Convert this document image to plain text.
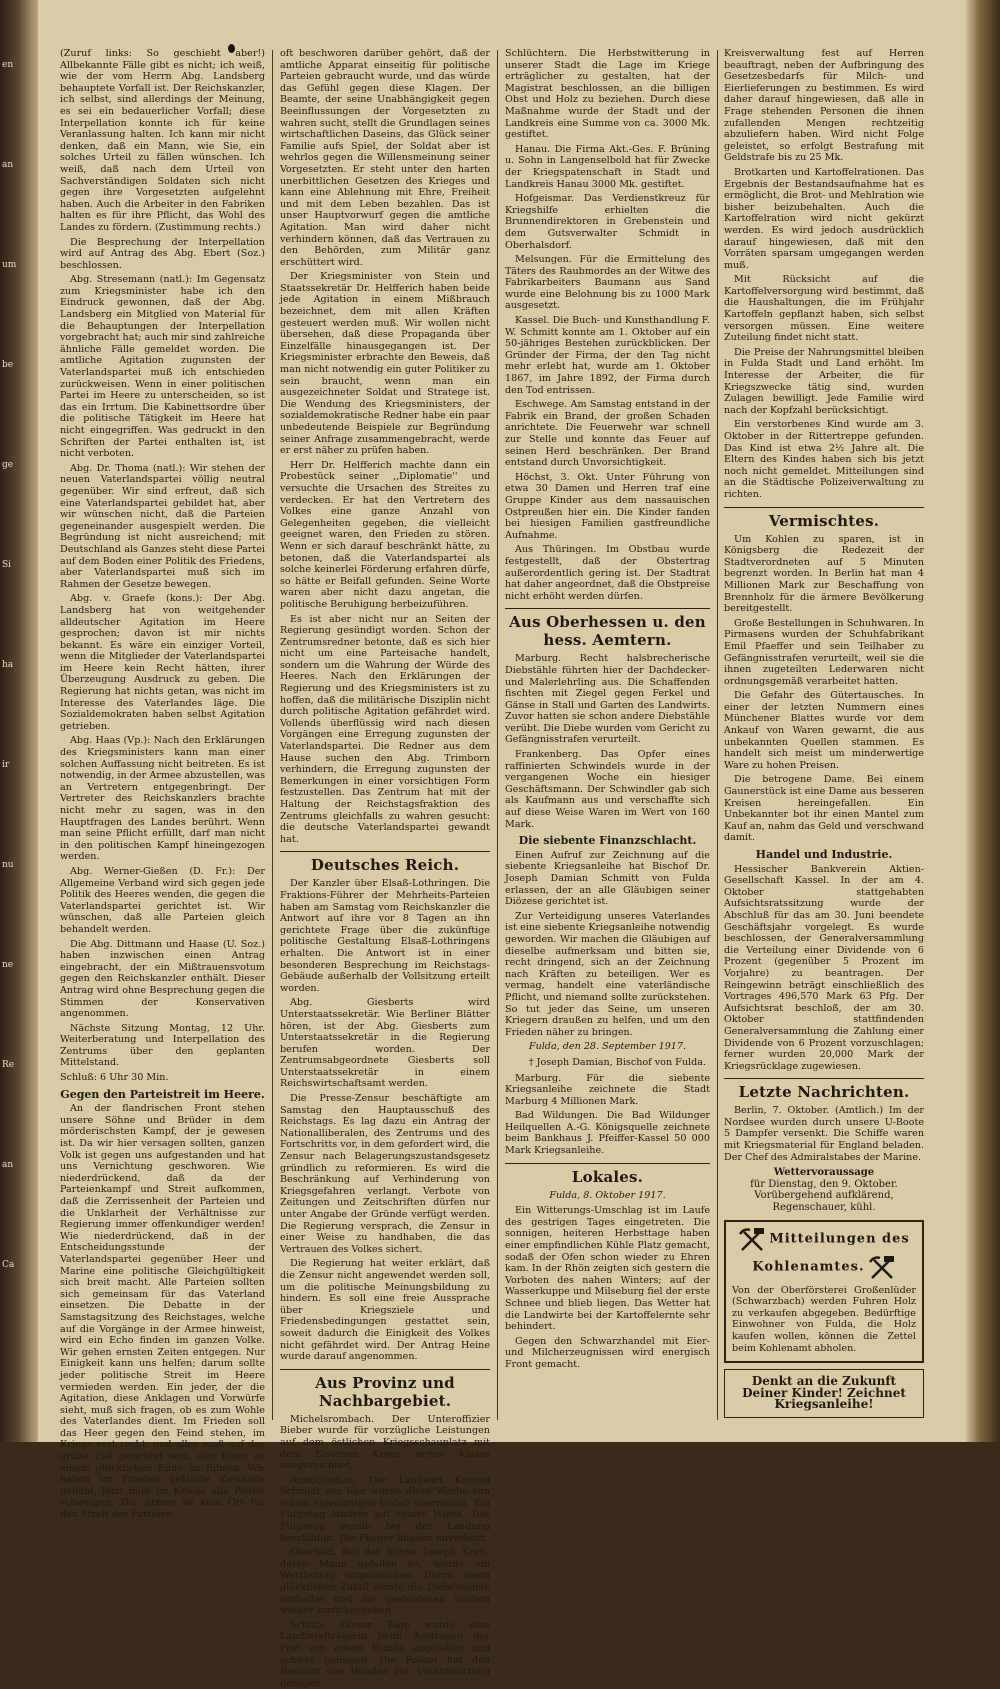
en
an
um
be
ge
Si
ha
ir
nu
ne
Re
an
Ca

(Zuruf links: So geschieht aber!) Allbekannte Fälle gibt es nicht; ich weiß, wie der vom Herrn Abg. Landsberg behauptete Vorfall ist. Der Reichskanzler, ich selbst, sind allerdings der Meinung, es sei ein bedauerlicher Vorfall; diese Interpellation konnte ich für keine Veranlassung halten. Ich kann mir nicht denken, daß ein Mann, wie Sie, ein solches Urteil zu fällen wünschen. Ich weiß, daß nach dem Urteil von Sachverständigen Soldaten sich nicht gegen ihre Vorgesetzten aufgelehnt haben. Auch die Arbeiter in den Fabriken halten es für ihre Pflicht, das Wohl des Landes zu fördern. (Zustimmung rechts.)

Die Besprechung der Interpellation wird auf Antrag des Abg. Ebert (Soz.) beschlossen.

Abg. Stresemann (natl.): Im Gegensatz zum Kriegsminister habe ich den Eindruck gewonnen, daß der Abg. Landsberg ein Mitglied von Material für die Behauptungen der Interpellation vorgebracht hat; auch mir sind zahlreiche ähnliche Fälle gemeldet worden. Die amtliche Agitation zugunsten der Vaterlandspartei muß ich entschieden zurückweisen. Wenn in einer politischen Partei im Heere zu unterscheiden, so ist das ein Irrtum. Die Kabinettsordre über die politische Tätigkeit im Heere hat nicht eingegriffen. Was gedruckt in den Schriften der Partei enthalten ist, ist nicht verboten.

Abg. Dr. Thoma (natl.): Wir stehen der neuen Vaterlandspartei völlig neutral gegenüber. Wir sind erfreut, daß sich eine Vaterlandspartei gebildet hat, aber wir wünschen nicht, daß die Parteien gegeneinander ausgespielt werden. Die Begründung ist nicht ausreichend; mit Deutschland als Ganzes steht diese Partei auf dem Boden einer Politik des Friedens, aber Vaterlandspartei muß sich im Rahmen der Gesetze bewegen.

Abg. v. Graefe (kons.): Der Abg. Landsberg hat von weitgehender alldeutscher Agitation im Heere gesprochen; davon ist mir nichts bekannt. Es wäre ein einziger Vorteil, wenn die Mitglieder der Vaterlandspartei im Heere kein Recht hätten, ihrer Überzeugung Ausdruck zu geben. Die Regierung hat nichts getan, was nicht im Interesse des Vaterlandes läge. Die Sozialdemokraten haben selbst Agitation getrieben.

Abg. Haas (Vp.): Nach den Erklärungen des Kriegsministers kann man einer solchen Auffassung nicht beitreten. Es ist notwendig, in der Armee abzustellen, was an Vertretern entgegenbringt. Der Vertreter des Reichskanzlers brachte nicht mehr zu sagen, was in den Hauptfragen des Landes berührt. Wenn man seine Pflicht erfüllt, darf man nicht in den politischen Kampf hineingezogen werden.

Abg. Werner-Gießen (D. Fr.): Der Allgemeine Verband wird sich gegen jede Politik des Heeres wenden, die gegen die Vaterlandspartei gerichtet ist. Wir wünschen, daß alle Parteien gleich behandelt werden.

Die Abg. Dittmann und Haase (U. Soz.) haben inzwischen einen Antrag eingebracht, der ein Mißtrauensvotum gegen den Reichskanzler enthält. Dieser Antrag wird ohne Besprechung gegen die Stimmen der Konservativen angenommen.

Nächste Sitzung Montag, 12 Uhr. Weiterberatung und Interpellation des Zentrums über den geplanten Mittelstand.

Schluß: 6 Uhr 30 Min.

Gegen den Parteistreit im Heere.

An der flandrischen Front stehen unsere Söhne und Brüder in dem mörderischsten Kampf, der je gewesen ist. Da wir hier versagen sollten, ganzen Volk ist gegen uns aufgestanden und hat uns Vernichtung geschworen. Wie niederdrückend, daß da der Parteienkampf und Streit aufkommen, daß die Zerrissenheit der Parteien und die Unklarheit der Verhältnisse zur Regierung immer offenkundiger werden! Wie niederdrückend, daß in der Entscheidungsstunde der Vaterlandspartei gegenüber Heer und Marine eine politische Gleichgültigkeit sich breit macht. Alle Parteien sollten sich gemeinsam für das Vaterland einsetzen. Die Debatte in der Samstagsitzung des Reichstages, welche auf die Vorgänge in der Armee hinweist, wird ein Echo finden im ganzen Volke. Wir gehen ernsten Zeiten entgegen. Nur Einigkeit kann uns helfen; darum sollte jeder politische Streit im Heere vermieden werden. Ein jeder, der die Agitation, diese Anklagen und Vorwürfe sieht, muß sich fragen, ob es zum Wohle des Vaterlandes dient. Im Frieden soll das Heer gegen den Feind stehen, im Kriege erst recht; und alles muß auf das große Ziel gerichtet sein, den Krieg zu einem glücklichen Ende zu führen. Wir haben im Frieden geklärte Zustände gehabt, jetzt muß im Kriege alle Politik schweigen. Die Armee ist kein Ort für den Streit der Parteien.

oft beschworen darüber gehört, daß der amtliche Apparat einseitig für politische Parteien gebraucht wurde, und das würde das Gefühl gegen diese Klagen. Der Beamte, der seine Unabhängigkeit gegen Beeinflussungen der Vorgesetzten zu wahren sucht, stellt die Grundlagen seines wirtschaftlichen Daseins, das Glück seiner Familie aufs Spiel, der Soldat aber ist wehrlos gegen die Willensmeinung seiner Vorgesetzten. Er steht unter den harten unerbittlichen Gesetzen des Krieges und kann eine Ablehnung mit Ehre, Freiheit und mit dem Leben bezahlen. Das ist unser Hauptvorwurf gegen die amtliche Agitation. Man wird daher nicht verhindern können, daß das Vertrauen zu den Behörden, zum Militär ganz erschüttert wird.

Der Kriegsminister von Stein und Staatssekretär Dr. Helfferich haben beide jede Agitation in einem Mißbrauch bezeichnet, dem mit allen Kräften gesteuert werden muß. Wir wollen nicht übersehen, daß diese Propaganda über Einzelfälle hinausgegangen ist. Der Kriegsminister erbrachte den Beweis, daß man nicht notwendig ein guter Politiker zu sein braucht, wenn man ein ausgezeichneter Soldat und Stratege ist. Die Wendung des Kriegsministers, der sozialdemokratische Redner habe ein paar unbedeutende Beispiele zur Begründung seiner Anfrage zusammengebracht, werde er erst näher zu prüfen haben.

Herr Dr. Helfferich machte dann ein Probestück seiner ,,Diplomatie'' und versuchte die Ursachen des Streites zu verdecken. Er hat den Vertretern des Volkes eine ganze Anzahl von Gelegenheiten gegeben, die vielleicht geeignet waren, den Frieden zu stören. Wenn er sich darauf beschränkt hätte, zu betonen, daß die Vaterlandspartei als solche keinerlei Förderung erfahren dürfe, so hätte er Beifall gefunden. Seine Worte waren aber nicht dazu angetan, die politische Beruhigung herbeizuführen.

Es ist aber nicht nur an Seiten der Regierung gesündigt worden. Schon der Zentrumsredner betonte, daß es sich hier nicht um eine Parteisache handelt, sondern um die Wahrung der Würde des Heeres. Nach den Erklärungen der Regierung und des Kriegsministers ist zu hoffen, daß die militärische Disziplin nicht durch politische Agitation gefährdet wird. Vollends überflüssig wird nach diesen Vorgängen eine Erregung zugunsten der Vaterlandspartei. Die Redner aus dem Hause suchen den Abg. Trimborn verhindern, die Erregung zugunsten der Bemerkungen in einer vorsichtigen Form festzustellen. Das Zentrum hat mit der Haltung der Reichstagsfraktion des Zentrums gleichfalls zu wahren gesucht: die deutsche Vaterlandspartei gewandt hat.

Deutsches Reich.

Der Kanzler über Elsaß-Lothringen. Die Fraktions-Führer der Mehrheits-Parteien haben am Samstag vom Reichskanzler die Antwort auf ihre vor 8 Tagen an ihn gerichtete Frage über die zukünftige politische Gestaltung Elsaß-Lothringens erhalten. Die Antwort ist in einer besonderen Besprechung im Reichstags-Gebäude außerhalb der Vollsitzung erteilt worden.

Abg. Giesberts wird Unterstaatssekretär. Wie Berliner Blätter hören, ist der Abg. Giesberts zum Unterstaatssekretär in die Regierung berufen worden. Der Zentrumsabgeordnete Giesberts soll Unterstaatssekretär in einem Reichswirtschaftsamt werden.

Die Presse-Zensur beschäftigte am Samstag den Hauptausschuß des Reichstags. Es lag dazu ein Antrag der Nationalliberalen, des Zentrums und des Fortschritts vor, in dem gefordert wird, die Zensur nach Belagerungszustandsgesetz gründlich zu reformieren. Es wird die Beschränkung auf Verhinderung von Kriegsgefahren verlangt. Verbote von Zeitungen und Zeitschriften dürfen nur unter Angabe der Gründe verfügt werden. Die Regierung versprach, die Zensur in einer Weise zu handhaben, die das Vertrauen des Volkes sichert.

Die Regierung hat weiter erklärt, daß die Zensur nicht angewendet werden soll, um die politische Meinungsbildung zu hindern. Es soll eine freie Aussprache über Kriegsziele und Friedensbedingungen gestattet sein, soweit dadurch die Einigkeit des Volkes nicht gefährdet wird. Der Antrag Heine wurde darauf angenommen.

Aus Provinz und Nachbargebiet.

Michelsrombach. Der Unteroffizier Bieber wurde für vorzügliche Leistungen auf dem östlichen Kriegsschauplatz mit dem Eisernen Kreuz erster Klasse ausgezeichnet.

Rudolphshan. Der Landwirt Konrad Schmidt von hier wurde diese Woche von einem eigenartigen Unfall überrascht. Ein Flugzeug landete auf seiner Wiese. Das Flugzeug wurde bei der Landung beschädigt. Die Flieger blieben unverletzt.

Oberfeld. Bei der Witwe Joseph Kraft, deren Mann gefallen ist, wurde ein Wertbetrag eingebrochen. Durch einen glücklichen Zufall wurde die Diebesbande verhaftet und die gestohlenen Sachen wieder zurückgegeben.

Schlitz. Dieser Tage wurde eine Landbriefträgerin beim Austragen der Post von einem Hunde angefallen und schwer gebissen. Die Polizei hat den Besitzer des Hundes zur Verantwortung gezogen.

Schlüchtern. Die Herbstwitterung in unserer Stadt die Lage im Kriege erträglicher zu gestalten, hat der Magistrat beschlossen, an die billigen Obst und Holz zu beziehen. Durch diese Maßnahme wurde der Stadt und der Landkreis eine Summe von ca. 3000 Mk. gestiftet.

Hanau. Die Firma Akt.-Ges. F. Brüning u. Sohn in Langenselbold hat für Zwecke der Kriegspatenschaft in Stadt und Landkreis Hanau 3000 Mk. gestiftet.

Hofgeismar. Das Verdienstkreuz für Kriegshilfe erhielten die Brunnendirektoren in Grebenstein und dem Gutsverwalter Schmidt in Oberhalsdorf.

Melsungen. Für die Ermittelung des Täters des Raubmordes an der Witwe des Fabrikarbeiters Baumann aus Sand wurde eine Belohnung bis zu 1000 Mark ausgesetzt.

Kassel. Die Buch- und Kunsthandlung F. W. Schmitt konnte am 1. Oktober auf ein 50-jähriges Bestehen zurückblicken. Der Gründer der Firma, der den Tag nicht mehr erlebt hat, wurde am 1. Oktober 1867, im Jahre 1892, der Firma durch den Tod entrissen.

Eschwege. Am Samstag entstand in der Fabrik ein Brand, der großen Schaden anrichtete. Die Feuerwehr war schnell zur Stelle und konnte das Feuer auf seinen Herd beschränken. Der Brand entstand durch Unvorsichtigkeit.

Höchst, 3. Okt. Unter Führung von etwa 30 Damen und Herren traf eine Gruppe Kinder aus dem nassauischen Ostpreußen hier ein. Die Kinder fanden bei hiesigen Familien gastfreundliche Aufnahme.

Aus Thüringen. Im Obstbau wurde festgestellt, daß der Obstertrag außerordentlich gering ist. Der Stadtrat hat daher angeordnet, daß die Obstpreise nicht erhöht werden dürfen.

Aus Oberhessen u. den hess. Aemtern.

Marburg. Recht halsbrecherische Diebstähle führten hier der Dachdecker- und Malerlehrling aus. Die Schaffenden fischten mit Ziegel gegen Ferkel und Gänse in Stall und Garten des Landwirts. Zuvor hatten sie schon andere Diebstähle verübt. Die Diebe wurden vom Gericht zu Gefängnisstrafen verurteilt.

Frankenberg. Das Opfer eines raffinierten Schwindels wurde in der vergangenen Woche ein hiesiger Geschäftsmann. Der Schwindler gab sich als Kaufmann aus und verschaffte sich auf diese Weise Waren im Wert von 160 Mark.

Die siebente Finanzschlacht.

Einen Aufruf zur Zeichnung auf die siebente Kriegsanleihe hat Bischof Dr. Joseph Damian Schmitt von Fulda erlassen, der an alle Gläubigen seiner Diözese gerichtet ist.

Zur Verteidigung unseres Vaterlandes ist eine siebente Kriegsanleihe notwendig geworden. Wir machen die Gläubigen auf dieselbe aufmerksam und bitten sie, recht dringend, sich an der Zeichnung nach Kräften zu beteiligen. Wer es vermag, handelt eine vaterländische Pflicht, und niemand sollte zurückstehen. So tut jeder das Seine, um unseren Kriegern draußen zu helfen, und um den Frieden näher zu bringen.

Fulda, den 28. September 1917.
† Joseph Damian, Bischof von Fulda.

Marburg. Für die siebente Kriegsanleihe zeichnete die Stadt Marburg 4 Millionen Mark.

Bad Wildungen. Die Bad Wildunger Heilquellen A.-G. Königsquelle zeichnete beim Bankhaus J. Pfeiffer-Kassel 50 000 Mark Kriegsanleihe.

Lokales.
Fulda, 8. Oktober 1917.

Ein Witterungs-Umschlag ist im Laufe des gestrigen Tages eingetreten. Die sonnigen, heiteren Herbsttage haben einer empfindlichen Kühle Platz gemacht, sodaß der Ofen schon wieder zu Ehren kam. In der Rhön zeigten sich gestern die Vorboten des nahen Winters; auf der Wasserkuppe und Milseburg fiel der erste Schnee und blieb liegen. Das Wetter hat die Landwirte bei der Kartoffelernte sehr behindert.

Gegen den Schwarzhandel mit Eier- und Milcherzeugnissen wird energisch Front gemacht.

Kreisverwaltung fest auf Herren beauftragt, neben der Aufbringung des Gesetzesbedarfs für Milch- und Eierlieferungen zu bestimmen. Es wird daher darauf hingewiesen, daß alle in Frage stehenden Personen die ihnen zufallenden Mengen rechtzeitig abzuliefern haben. Wird nicht Folge geleistet, so erfolgt Bestrafung mit Geldstrafe bis zu 25 Mk.

Brotkarten und Kartoffelrationen. Das Ergebnis der Bestandsaufnahme hat es ermöglicht, die Brot- und Mehlration wie bisher beizubehalten. Auch die Kartoffelration wird nicht gekürzt werden. Es wird jedoch ausdrücklich darauf hingewiesen, daß mit den Vorräten sparsam umgegangen werden muß.

Mit Rücksicht auf die Kartoffelversorgung wird bestimmt, daß die Haushaltungen, die im Frühjahr Kartoffeln gepflanzt haben, sich selbst versorgen müssen. Eine weitere Zuteilung findet nicht statt.

Die Preise der Nahrungsmittel bleiben in Fulda Stadt und Land erhöht. Im Interesse der Arbeiter, die für Kriegszwecke tätig sind, wurden Zulagen bewilligt. Jede Familie wird nach der Kopfzahl berücksichtigt.

Ein verstorbenes Kind wurde am 3. Oktober in der Rittertreppe gefunden. Das Kind ist etwa 2½ Jahre alt. Die Eltern des Kindes haben sich bis jetzt noch nicht gemeldet. Mitteilungen sind an die Städtische Polizeiverwaltung zu richten.

Vermischtes.

Um Kohlen zu sparen, ist in Königsberg die Redezeit der Stadtverordneten auf 5 Minuten begrenzt worden. In Berlin hat man 4 Millionen Mark zur Beschaffung von Brennholz für die ärmere Bevölkerung bereitgestellt.

Große Bestellungen in Schuhwaren. In Pirmasens wurden der Schuhfabrikant Emil Pfaeffer und sein Teilhaber zu Gefängnisstrafen verurteilt, weil sie die ihnen zugeteilten Lederwaren nicht ordnungsgemäß verarbeitet hatten.

Die Gefahr des Gütertausches. In einer der letzten Nummern eines Münchener Blattes wurde vor dem Ankauf von Waren gewarnt, die aus unbekannten Quellen stammen. Es handelt sich meist um minderwertige Ware zu hohen Preisen.

Die betrogene Dame. Bei einem Gaunerstück ist eine Dame aus besseren Kreisen hereingefallen. Ein Unbekannter bot ihr einen Mantel zum Kauf an, nahm das Geld und verschwand damit.

Handel und Industrie.

Hessischer Bankverein Aktien-Gesellschaft Kassel. In der am 4. Oktober stattgehabten Aufsichtsratssitzung wurde der Abschluß für das am 30. Juni beendete Geschäftsjahr vorgelegt. Es wurde beschlossen, der Generalversammlung die Verteilung einer Dividende von 6 Prozent (gegenüber 5 Prozent im Vorjahre) zu beantragen. Der Reingewinn beträgt einschließlich des Vortrages 496,570 Mark 63 Pfg. Der Aufsichtsrat beschloß, der am 30. Oktober stattfindenden Generalversammlung die Zahlung einer Dividende von 6 Prozent vorzuschlagen; ferner wurden 20,000 Mark der Kriegsrücklage zugewiesen.

Letzte Nachrichten.

Berlin, 7. Oktober. (Amtlich.) Im der Nordsee wurden durch unsere U-Boote 5 Dampfer versenkt. Die Schiffe waren mit Kriegsmaterial für England beladen. Der Chef des Admiralstabes der Marine.

Wettervoraussage
für Dienstag, den 9. Oktober. Vorübergehend aufklärend, Regenschauer, kühl.
Mitteilungen des Kohlenamtes.

Von der Oberförsterei Großenlüder (Schwarzbach) werden Fuhren Holz zu verkaufen abgegeben. Bedürftige Einwohner von Fulda, die Holz kaufen wollen, können die Zettel beim Kohlenamt abholen.

Denkt an die Zukunft Deiner Kinder! Zeichnet Kriegsanleihe!
